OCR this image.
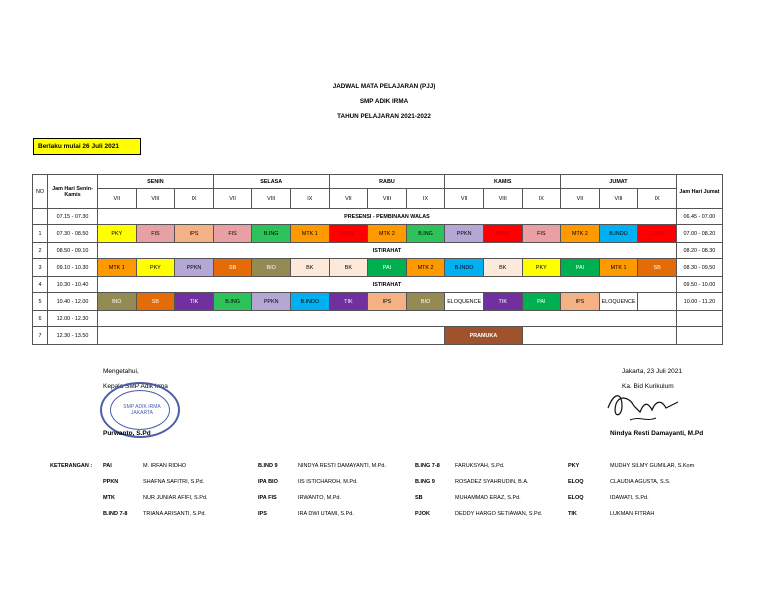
JADWAL MATA PELAJARAN (PJJ)
SMP ADIK IRMA
TAHUN PELAJARAN 2021-2022
Berlaku mulai 26 Juli 2021
NO	Jam Hari Senin-Kamis	SENIN			SELASA			RABU			KAMIS			JUMAT			Jam Hari Jumat
		VII	VIII	IX	VII	VIII	IX	VII	VIII	IX	VII	VIII	IX	VII	VIII	IX	
	07.15 - 07.30	PRESENSI - PEMBINAAN WALAS															06.45 - 07.00
1	07.30 - 08.50	PKY	FIS	IPS	FIS	B.ING	MTK 1	PJOK	MTK 2	B.ING	PPKN	PJOK	FIS	MTK 2	B.INDO	PJOK	07.00 - 08.20
2	08.50 - 09.10	ISTIRAHAT															08.20 - 08.30
3	09.10 - 10.30	MTK 1	PKY	PPKN	SB	BIO	BK	BK	PAI	MTK 2	B.INDO	BK	PKY	PAI	MTK 1	SB	08.30 - 09.50
4	10.30 - 10.40	ISTIRAHAT															09.50 - 10.00
5	10.40 - 12.00	BIO	SB	TIK	B.ING	PPKN	B.INDO	TIK	IPS	BIO	ELOQUENCE	TIK	PAI	IPS	ELOQUENCE		10.00 - 11.20
6	12.00 - 12.30																
7	12.30 - 13.50										PRAMUKA						
Mengetahui,
Kepala SMP Adik Irma
SMP ADIK IRMA JAKARTA
Purwanto, S.Pd
Jakarta, 23 Juli 2021
Ka. Bid Kurikulum
Nindya Resti Damayanti, M.Pd
KETERANGAN : PAI	M. IRFAN RIDHO	B.IND 9	NINDYA RESTI DAMAYANTI, M.Pd.	B.ING 7-8	FARUKSYAH, S.Pd.	PKY	MUDHY SILMY GUMILAR, S.Kom
PPKN	SHAFNA SAFITRI, S.Pd.	IPA BIO	IIS ISTICHAROH, M.Pd.	B.ING 9	ROSADEZ SYAHRUDIN, B.A.	ELOQ	CLAUDIA AGUSTA, S.S.
MTK	NUR JUNIAR AFIFI, S.Pd.	IPA FIS	IRWANTO, M.Pd.	SB	MUHAMMAD ERAZ, S.Pd.	ELOQ	IDAWATI, S.Pd.
B.IND 7-8	TRIANA ARISANTI, S.Pd.	IPS	IRA DWI UTAMI, S.Pd.	PJOK	DEDDY HARGO SETIAWAN, S.Pd.	TIK	LUKMAN FITRAH
